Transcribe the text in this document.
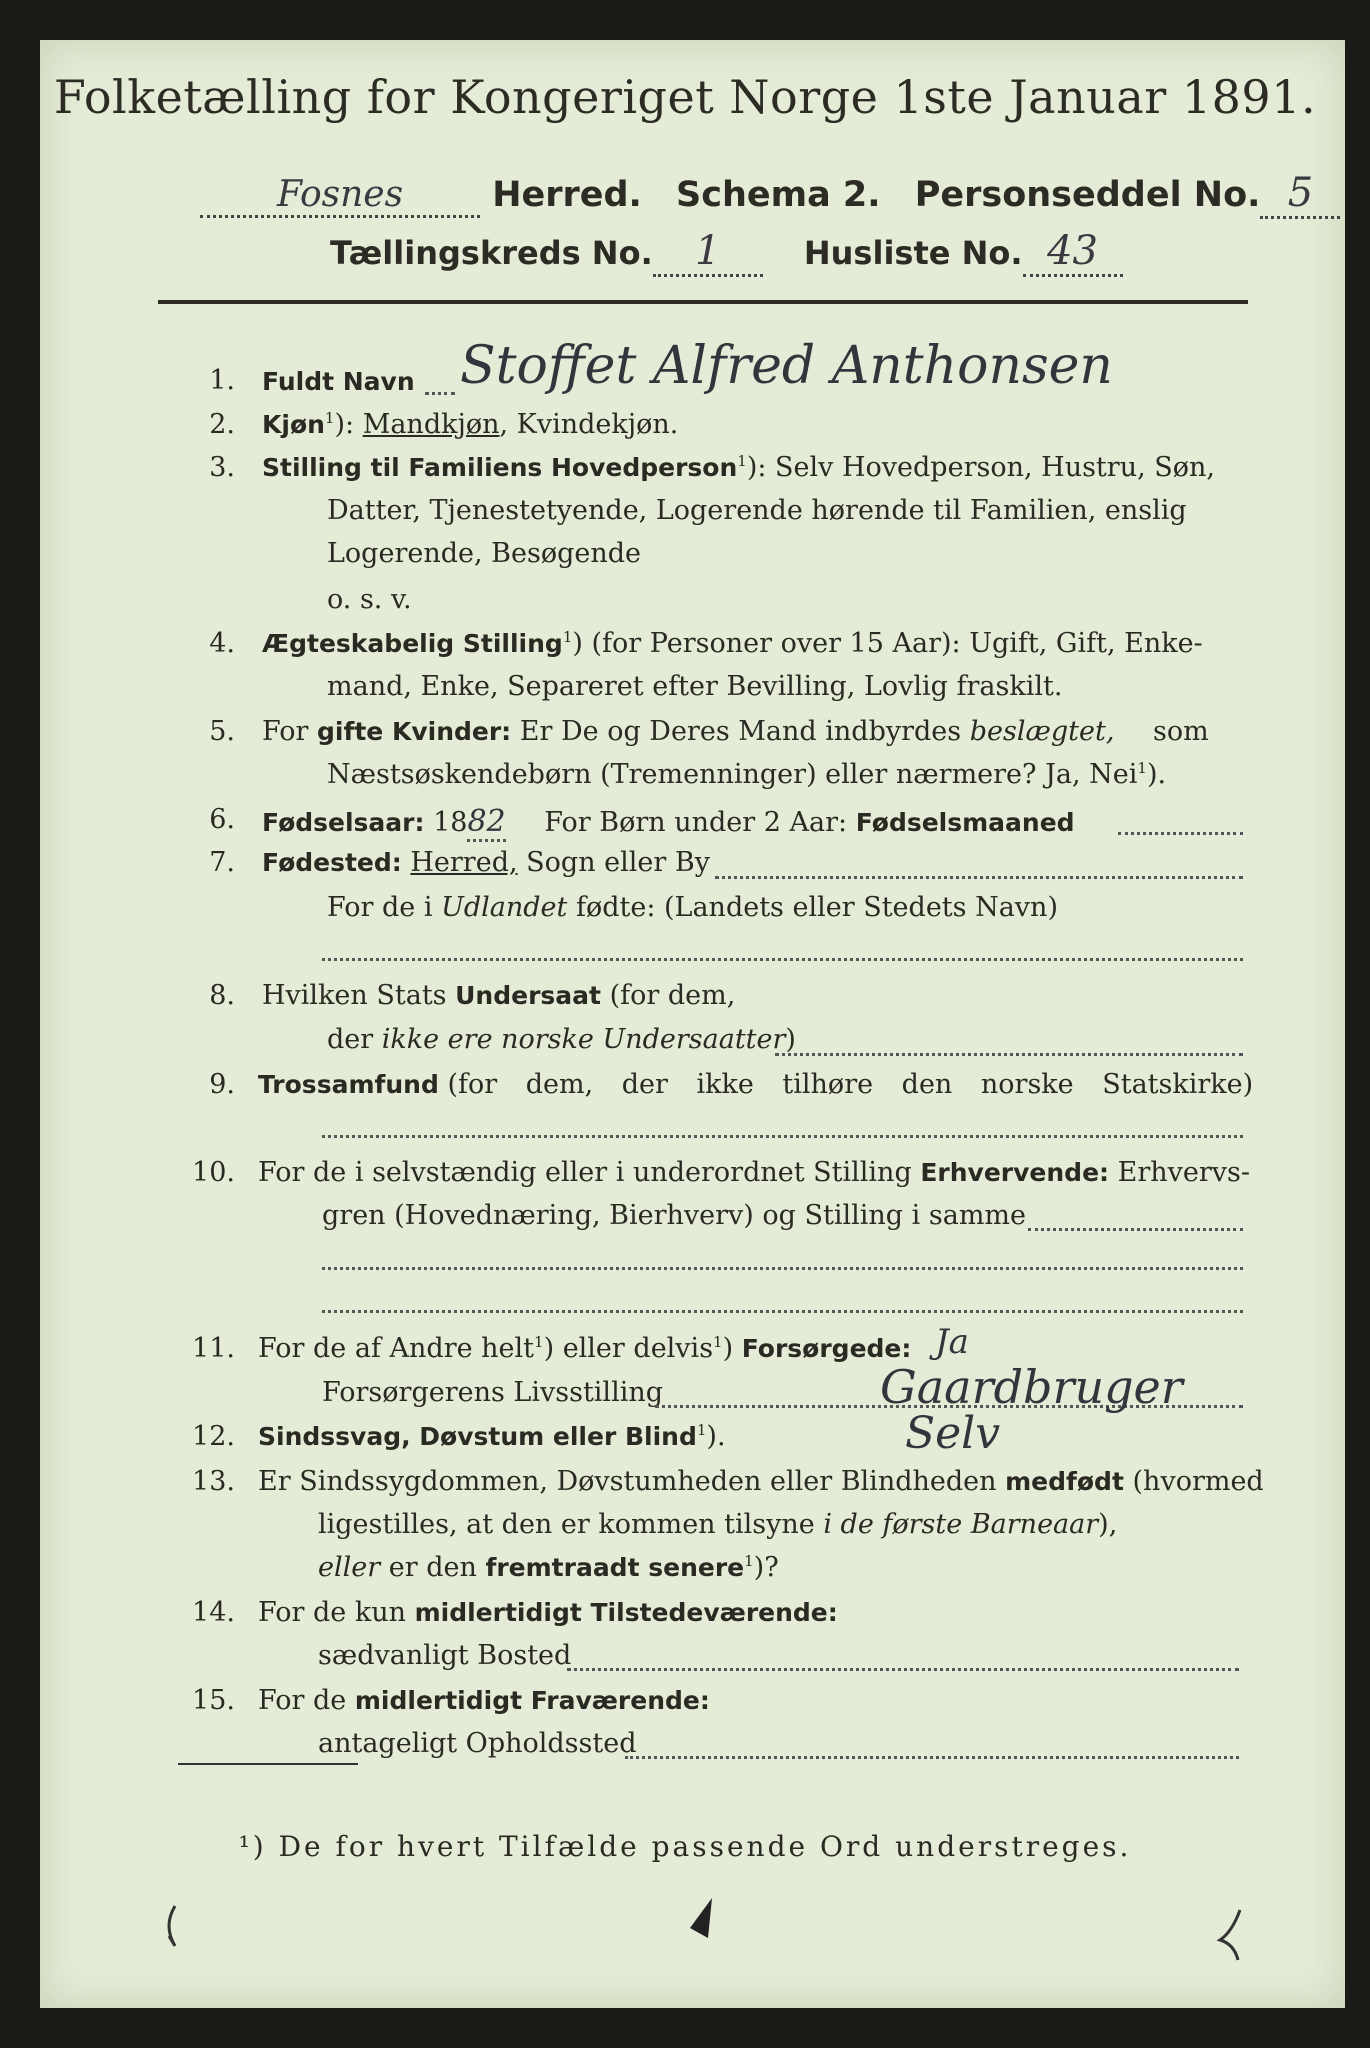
Folketælling for Kongeriget Norge 1ste Januar 1891.
Fosnes	Herred. Schema 2. Personseddel No. 5
Tællingskreds No. 1	Husliste No. 43
1. Fuldt Navn Stoffet Alfred Anthonsen
2. Kjøn$^1$): Mandkjøn, Kvindekjøn.
3. Stilling til Familiens Hovedperson$^1$): Selv Hovedperson, Hustru, Søn,
Datter, Tjenestetyende, Logerende hørende til Familien, enslig
Logerende, Besøgende
o. s. v.
4. Ægteskabelig Stilling$^1$) (for Personer over 15 Aar): Ugift, Gift, Enke-
mand, Enke, Separeret efter Bevilling, Lovlig fraskilt.
5. For gifte Kvinder: Er De og Deres Mand indbyrdes beslægtet, som
Næstsøskendebørn (Tremenninger) eller nærmere? Ja, Nei$^1$).
6. Fødselsaar: 1882 For Børn under 2 Aar: Fødselsmaaned
7. Fødested: Herred, Sogn eller By
For de i Udlandet fødte: (Landets eller Stedets Navn)
8. Hvilken Stats Undersaat (for dem,
der ikke ere norske Undersaatter)
9. Trossamfund (for dem, der ikke tilhøre den norske Statskirke)
10. For de i selvstændig eller i underordnet Stilling Erhvervende: Erhvervs-
gren (Hovednæring, Bierhverv) og Stilling i samme
11. For de af Andre helt$^1$) eller delvis$^1$) Forsørgede: Ja
Forsørgerens Livsstilling	Gaardbruger
12. Sindssvag, Døvstum eller Blind$^1$).	Selv
13. Er Sindssygdommen, Døvstumheden eller Blindheden medfødt (hvormed
ligestilles, at den er kommen tilsyne i de første Barneaar),
eller er den fremtraadt senere$^1$)?
14. For de kun midlertidigt Tilstedeværende:
sædvanligt Bosted
15. For de midlertidigt Fraværende:
antageligt Opholdssted
¹) De for hvert Tilfælde passende Ord understreges.
